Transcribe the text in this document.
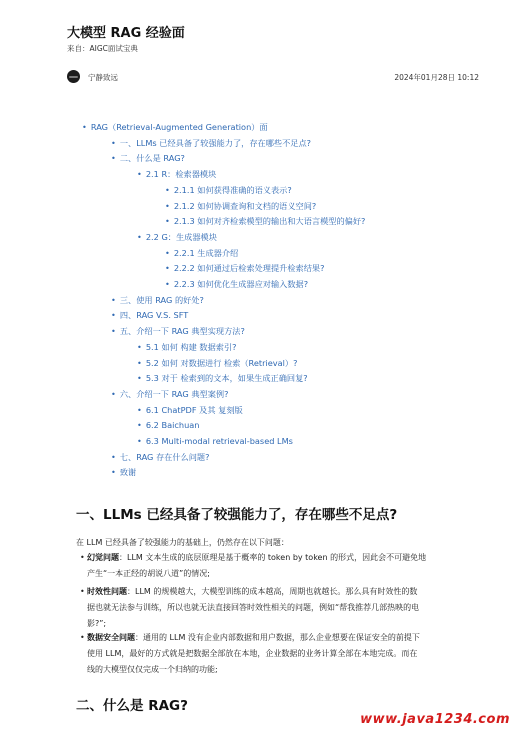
大模型 RAG 经验面
来自：AIGC面试宝典
宁静致远	2024年01月28日 10:12
• RAG（Retrieval-Augmented Generation）面
• 一、LLMs 已经具备了较强能力了，存在哪些不足点?
• 二、什么是 RAG?
• 2.1 R：检索器模块
• 2.1.1 如何获得准确的语义表示?
• 2.1.2 如何协调查询和文档的语义空间?
• 2.1.3 如何对齐检索模型的输出和大语言模型的偏好?
• 2.2 G：生成器模块
• 2.2.1 生成器介绍
• 2.2.2 如何通过后检索处理提升检索结果?
• 2.2.3 如何优化生成器应对输入数据?
• 三、使用 RAG 的好处?
• 四、RAG V.S. SFT
• 五、介绍一下 RAG 典型实现方法?
• 5.1 如何 构建 数据索引?
• 5.2 如何 对数据进行 检索（Retrieval）?
• 5.3 对于 检索到的文本，如果生成正确回复?
• 六、介绍一下 RAG 典型案例?
• 6.1 ChatPDF 及其 复刻版
• 6.2 Baichuan
• 6.3 Multi-modal retrieval-based LMs
• 七、RAG 存在什么问题?
• 致谢
一、LLMs 已经具备了较强能力了，存在哪些不足点?
在 LLM 已经具备了较强能力的基础上，仍然存在以下问题：
• 幻觉问题：LLM 文本生成的底层原理是基于概率的 token by token 的形式，因此会不可避免地
产生“一本正经的胡说八道”的情况;
• 时效性问题：LLM 的规模越大，大模型训练的成本越高，周期也就越长。那么具有时效性的数
据也就无法参与训练，所以也就无法直接回答时效性相关的问题，例如“帮我推荐几部热映的电
影?”;
• 数据安全问题：通用的 LLM 没有企业内部数据和用户数据，那么企业想要在保证安全的前提下
使用 LLM，最好的方式就是把数据全部放在本地，企业数据的业务计算全部在本地完成。而在
线的大模型仅仅完成一个归纳的功能;
二、什么是 RAG?
www.java1234.com
